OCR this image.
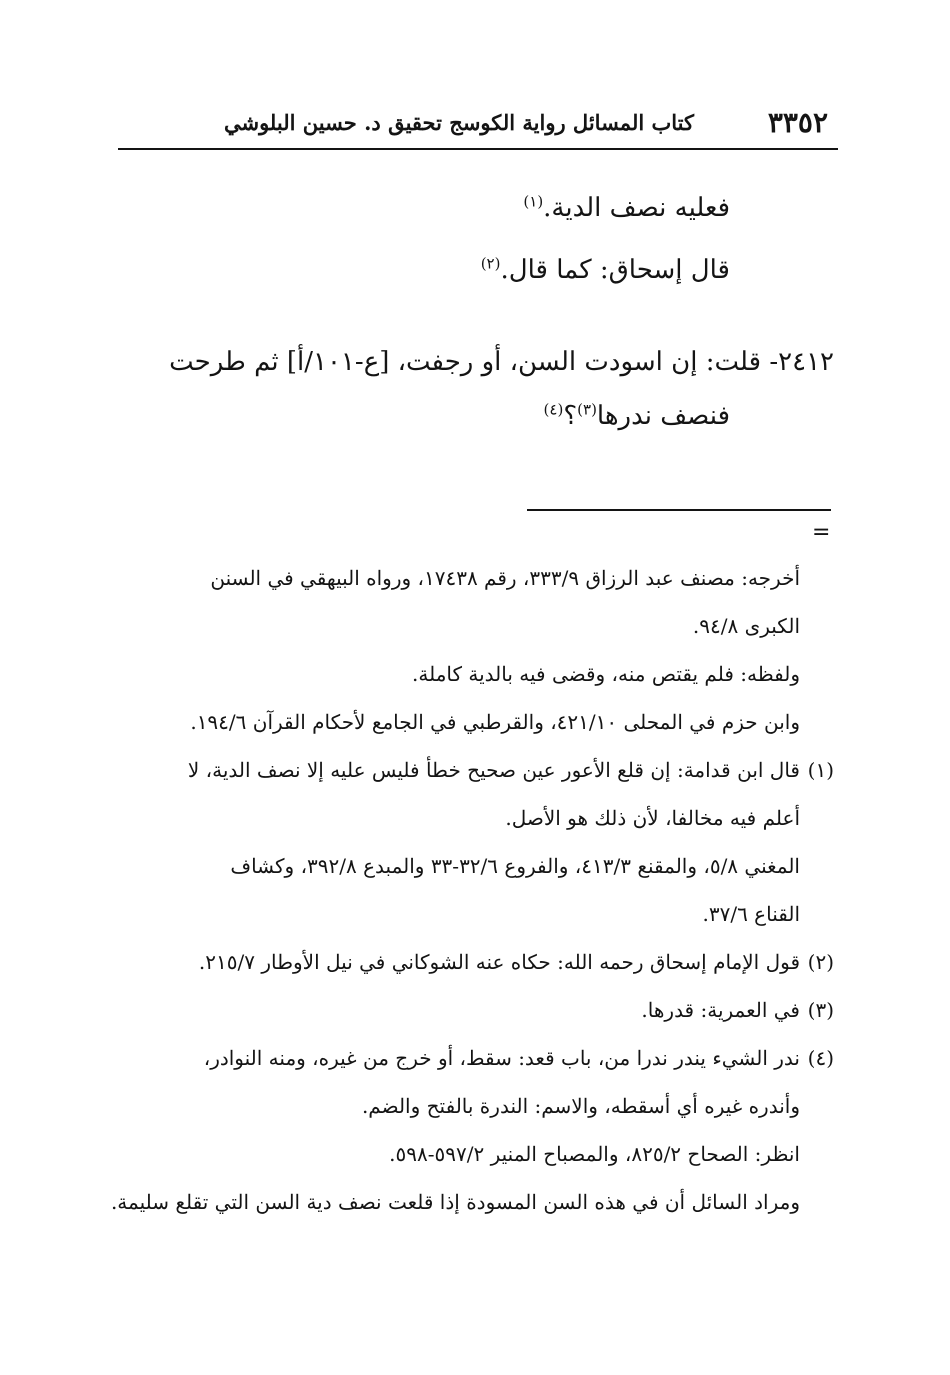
٣٣٥٢
كتاب المسائل رواية الكوسج تحقيق د. حسين البلوشي
فعليه نصف الدية.$^{(١)}$
قال إسحاق: كما قال.$^{(٢)}$
٢٤١٢- قلت: إن اسودت السن، أو رجفت، [ع-١٠١/أ] ثم طرحت
فنصف ندرها$^{(٣)}$؟$^{(٤)}$
=
أخرجه: مصنف عبد الرزاق ٣٣٣/٩، رقم ١٧٤٣٨، ورواه البيهقي في السنن
الكبرى ٩٤/٨.
ولفظه: فلم يقتص منه، وقضى فيه بالدية كاملة.
وابن حزم في المحلى ٤٢١/١٠، والقرطبي في الجامع لأحكام القرآن ١٩٤/٦.
(١)قال ابن قدامة: إن قلع الأعور عين صحيح خطأ فليس عليه إلا نصف الدية، لا
أعلم فيه مخالفا، لأن ذلك هو الأصل.
المغني ٥/٨، والمقنع ٤١٣/٣، والفروع ٣٢/٦-٣٣ والمبدع ٣٩٢/٨، وكشاف
القناع ٣٧/٦.
(٢)قول الإمام إسحاق رحمه الله: حكاه عنه الشوكاني في نيل الأوطار ٢١٥/٧.
(٣)في العمرية: قدرها.
(٤)ندر الشيء يندر ندرا من، باب قعد: سقط، أو خرج من غيره، ومنه النوادر،
وأندره غيره أي أسقطه، والاسم: الندرة بالفتح والضم.
انظر: الصحاح ٨٢٥/٢، والمصباح المنير ٥٩٧/٢-٥٩٨.
ومراد السائل أن في هذه السن المسودة إذا قلعت نصف دية السن التي تقلع سليمة.
